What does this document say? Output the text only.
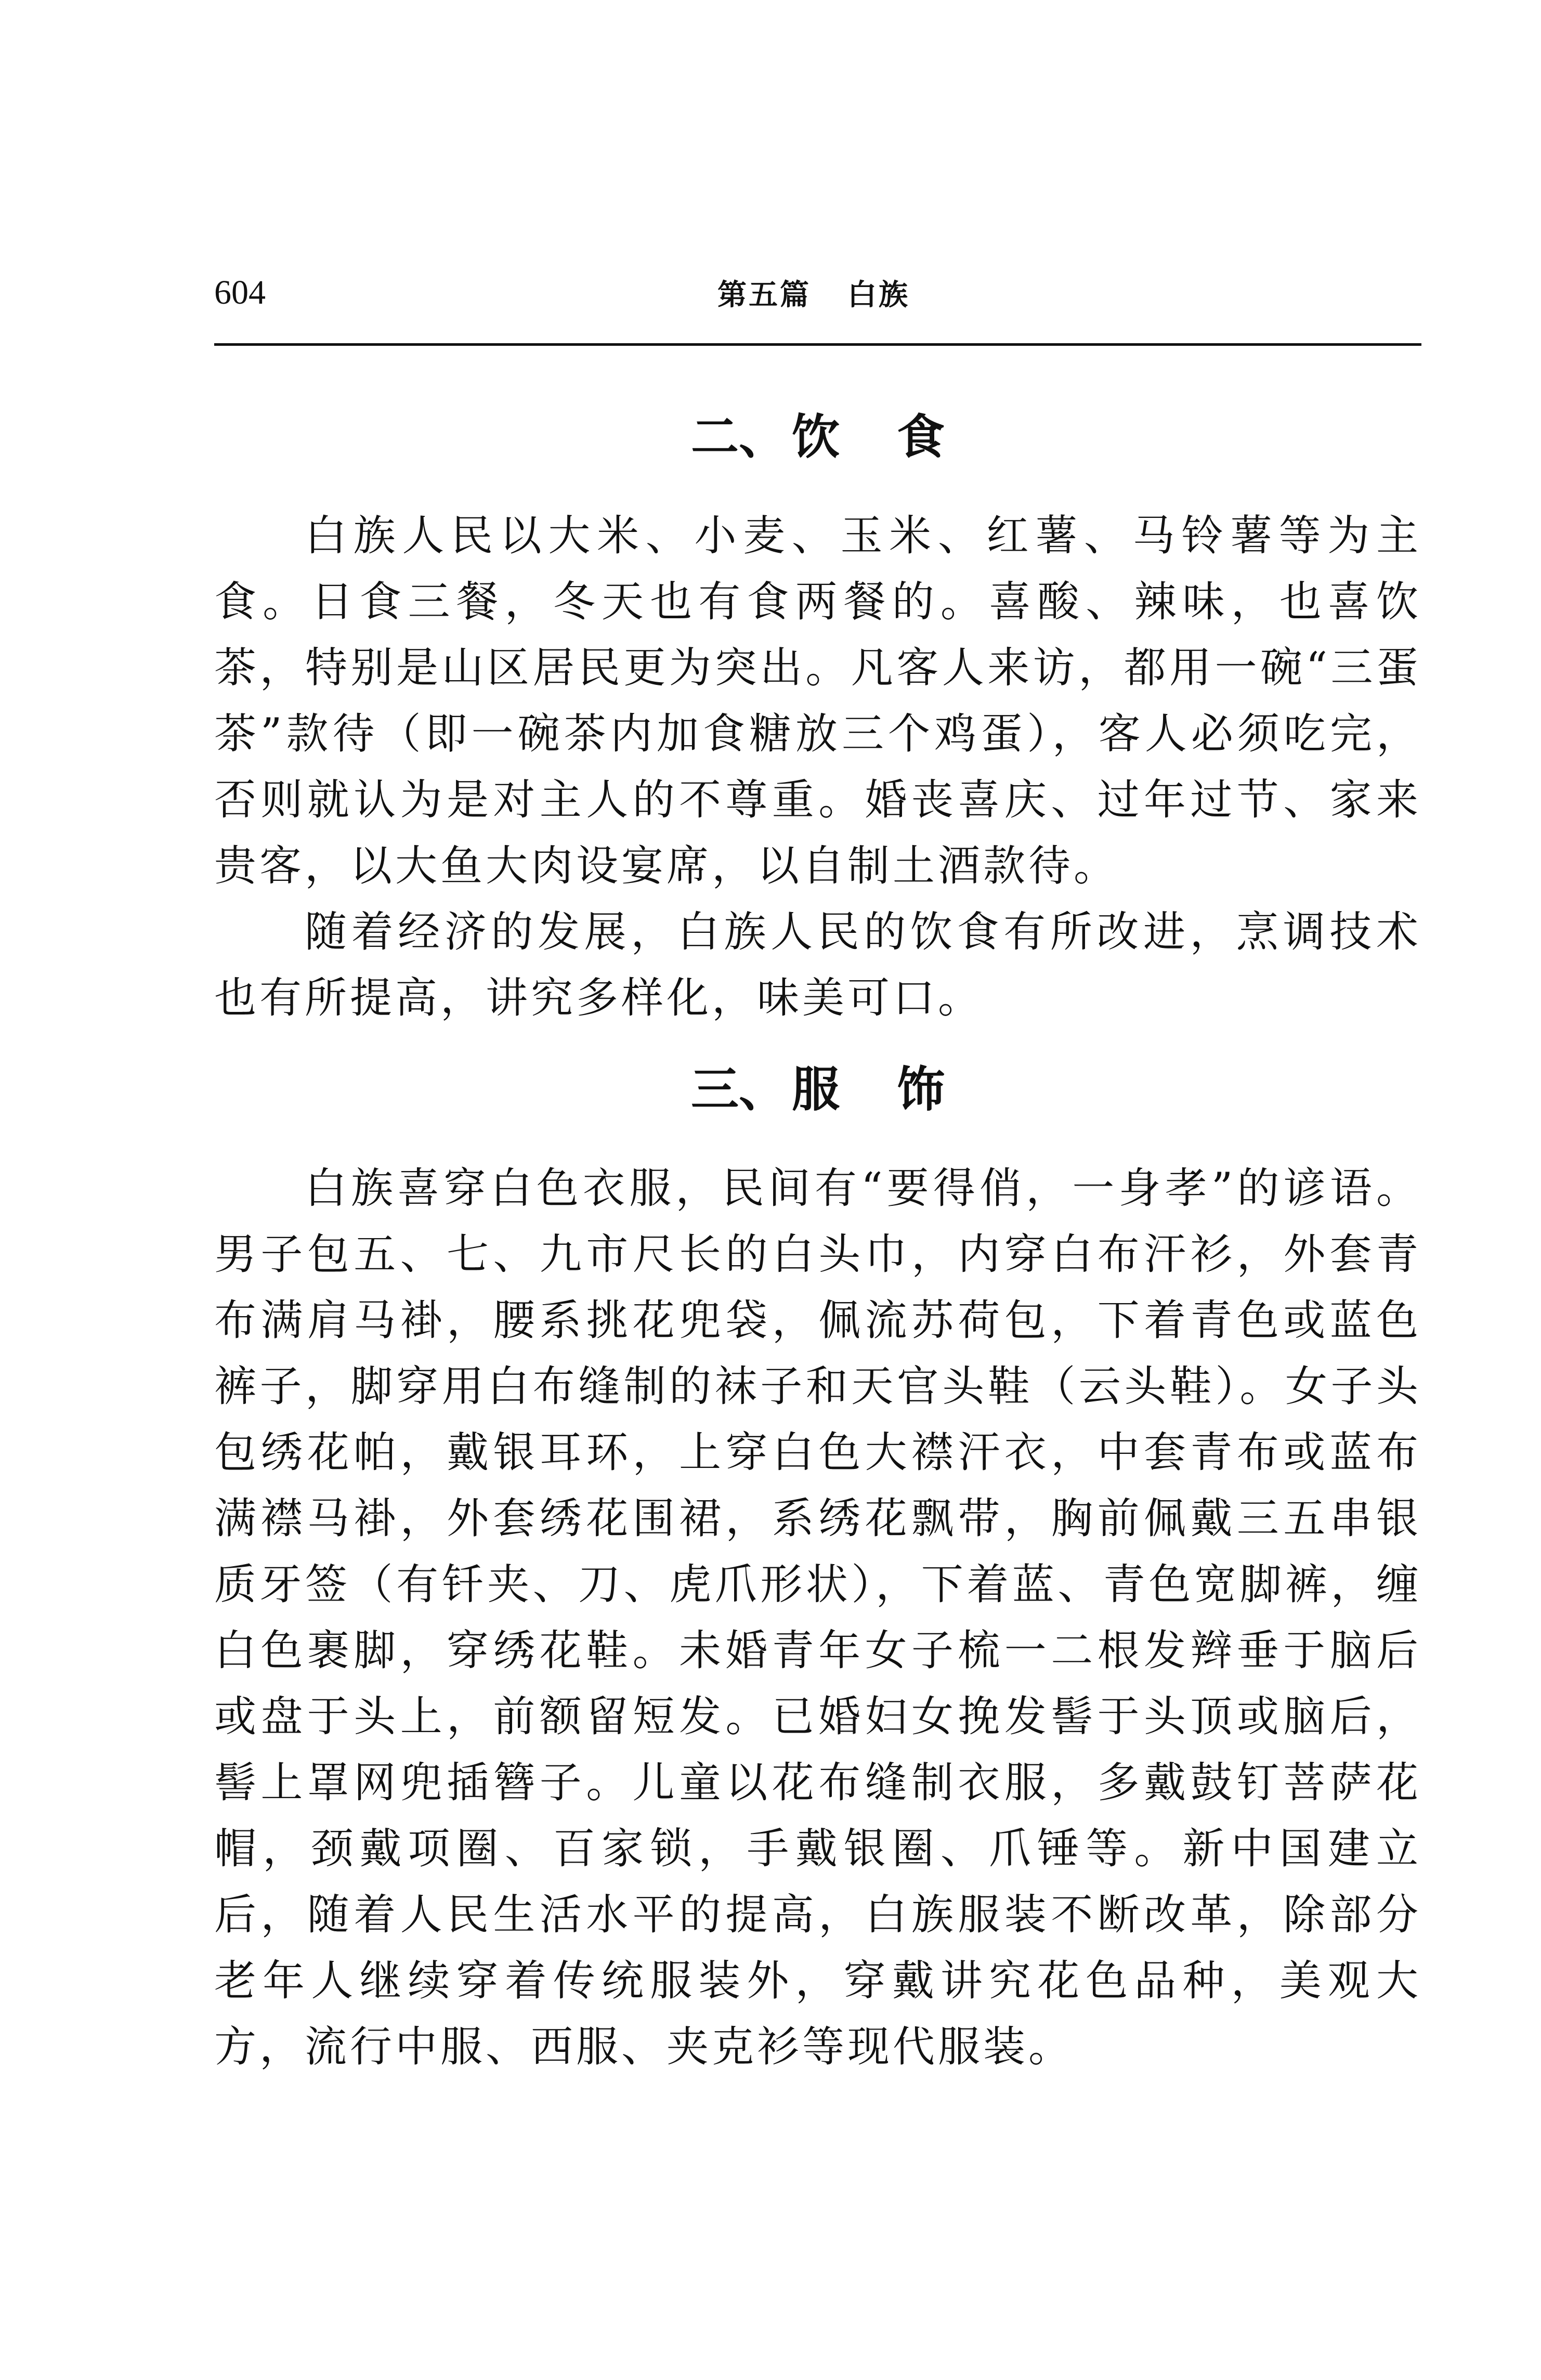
604	第五篇 白族
二、 饮 食

白族人民以大米、小麦、玉米、红薯、马铃薯等为主食。日食三餐，冬天也有食两餐的。喜酸、辣味，也喜饮茶，特别是山区居民更为突出。凡客人来访，都用一碗“三蛋茶”款待（即一碗茶内加食糖放三个鸡蛋），客人必须吃完，否则就认为是对主人的不尊重。婚丧喜庆、过年过节、家来贵客，以大鱼大肉设宴席，以自制土酒款待。

随着经济的发展，白族人民的饮食有所改进，烹调技术也有所提高，讲究多样化，味美可口。

三、 服 饰

白族喜穿白色衣服，民间有“要得俏，一身孝”的谚语。男子包五、七、九市尺长的白头巾，内穿白布汗衫，外套青布满肩马褂，腰系挑花兜袋，佩流苏荷包，下着青色或蓝色裤子，脚穿用白布缝制的袜子和天官头鞋（云头鞋）。女子头包绣花帕，戴银耳环，上穿白色大襟汗衣，中套青布或蓝布满襟马褂，外套绣花围裙，系绣花飘带，胸前佩戴三五串银质牙签（有钎夹、刀、虎爪形状），下着蓝、青色宽脚裤，缠白色裹脚，穿绣花鞋。未婚青年女子梳一二根发辫垂于脑后或盘于头上，前额留短发。已婚妇女挽发髻于头顶或脑后，髻上罩网兜插簪子。儿童以花布缝制衣服，多戴鼓钉菩萨花帽，颈戴项圈、百家锁，手戴银圈、爪锤等。新中国建立后，随着人民生活水平的提高，白族服装不断改革，除部分老年人继续穿着传统服装外，穿戴讲究花色品种，美观大方，流行中服、西服、夹克衫等现代服装。
